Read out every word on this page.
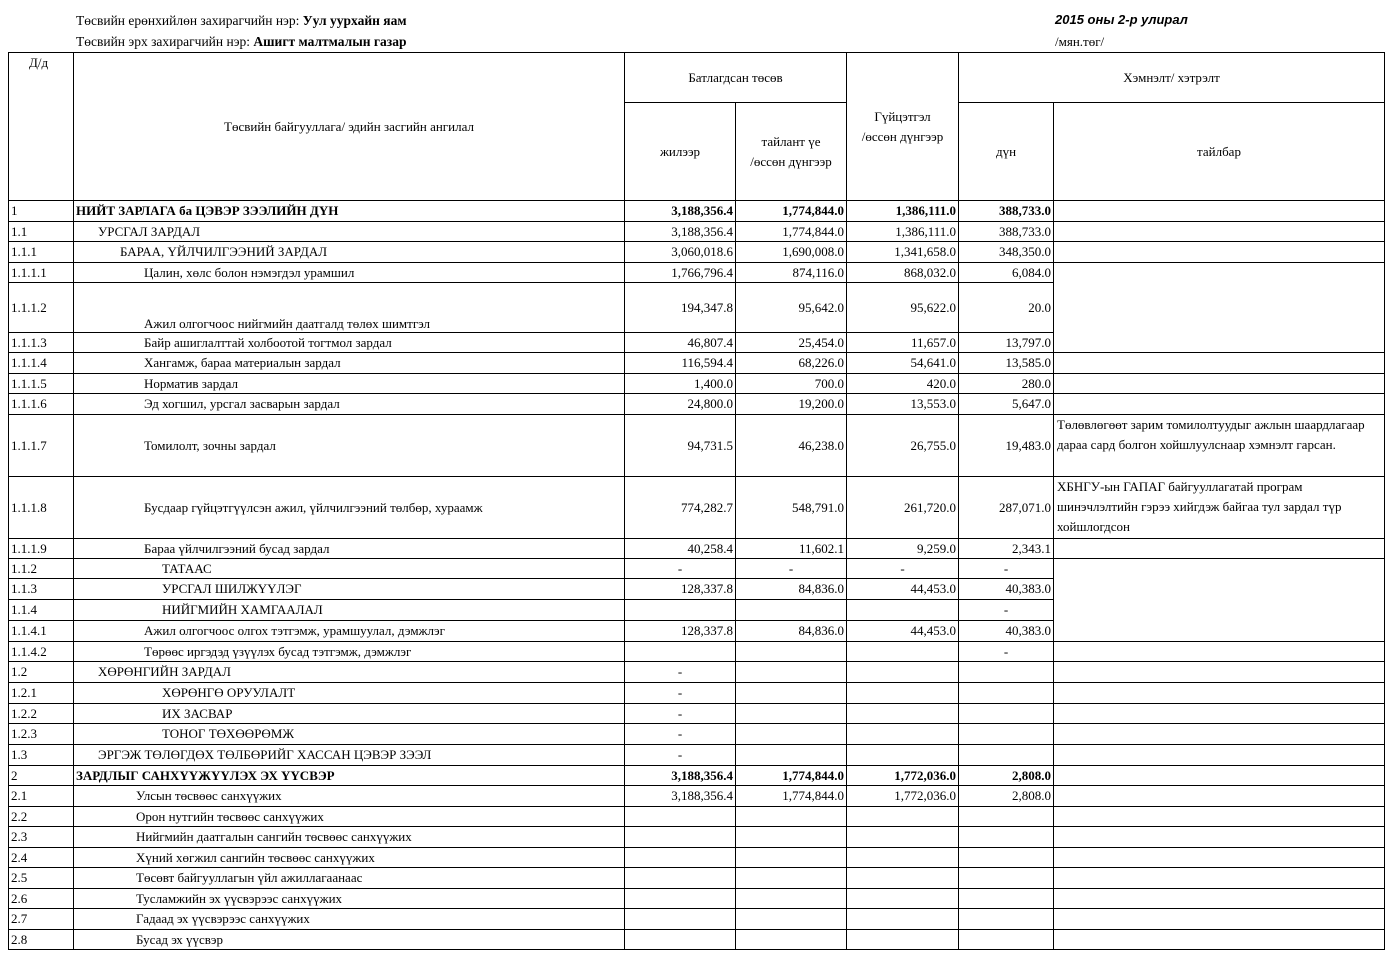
Төсвийн ерөнхийлөн захирагчийн нэр: Уул уурхайн яам
Төсвийн эрх захирагчийн нэр: Ашигт малтмалын газар
2015 оны 2-р улирал
/мян.төг/
Д/д	Төсвийн байгууллага/ эдийн засгийн ангилал	Батлагдсан төсөв		Гүйцэтгэл
/өссөн дүнгээр	Хэмнэлт/ хэтрэлт	
		жилээр	тайлант үе
/өссөн дүнгээр		дүн	тайлбар
1	НИЙТ ЗАРЛАГА ба ЦЭВЭР ЗЭЭЛИЙН ДҮН	3,188,356.4	1,774,844.0	1,386,111.0	388,733.0	
1.1	УРСГАЛ ЗАРДАЛ	3,188,356.4	1,774,844.0	1,386,111.0	388,733.0	
1.1.1	БАРАА, ҮЙЛЧИЛГЭЭНИЙ ЗАРДАЛ	3,060,018.6	1,690,008.0	1,341,658.0	348,350.0	
1.1.1.1	Цалин, хөлс болон нэмэгдэл урамшил	1,766,796.4	874,116.0	868,032.0	6,084.0	
1.1.1.2	Ажил олгогчоос нийгмийн даатгалд төлөх шимтгэл	194,347.8	95,642.0	95,622.0	20.0	
1.1.1.3	Байр ашиглалттай холбоотой тогтмол зардал	46,807.4	25,454.0	11,657.0	13,797.0	
1.1.1.4	Хангамж, бараа материалын зардал	116,594.4	68,226.0	54,641.0	13,585.0	
1.1.1.5	Норматив зардал	1,400.0	700.0	420.0	280.0	
1.1.1.6	Эд хогшил, урсгал засварын зардал	24,800.0	19,200.0	13,553.0	5,647.0	
1.1.1.7	Томилолт, зочны зардал	94,731.5	46,238.0	26,755.0	19,483.0	Төлөвлөгөөт зарим томилолтуудыг ажлын шаардлагаар дараа сард болгон хойшлуулснаар хэмнэлт гарсан.
1.1.1.8	Бусдаар гүйцэтгүүлсэн ажил, үйлчилгээний төлбөр, хураамж	774,282.7	548,791.0	261,720.0	287,071.0	ХБНГУ-ын ГАПАГ байгууллагатай програм шинэчлэлтийн гэрээ хийгдэж байгаа тул зардал түр хойшлогдсон
1.1.1.9	Бараа үйлчилгээний бусад зардал	40,258.4	11,602.1	9,259.0	2,343.1	
1.1.2	ТАТААС	-	-	-	-	
1.1.3	УРСГАЛ ШИЛЖҮҮЛЭГ	128,337.8	84,836.0	44,453.0	40,383.0	
1.1.4	НИЙГМИЙН ХАМГААЛАЛ				-	
1.1.4.1	Ажил олгогчоос олгох тэтгэмж, урамшуулал, дэмжлэг	128,337.8	84,836.0	44,453.0	40,383.0	
1.1.4.2	Төрөөс иргэдэд үзүүлэх бусад тэтгэмж, дэмжлэг				-	
1.2	ХӨРӨНГИЙН ЗАРДАЛ	-				
1.2.1	ХӨРӨНГӨ ОРУУЛАЛТ	-				
1.2.2	ИХ ЗАСВАР	-				
1.2.3	ТОНОГ ТӨХӨӨРӨМЖ	-				
1.3	ЭРГЭЖ ТӨЛӨГДӨХ ТӨЛБӨРИЙГ ХАССАН ЦЭВЭР ЗЭЭЛ	-				
2	ЗАРДЛЫГ САНХҮҮЖҮҮЛЭХ ЭХ ҮҮСВЭР	3,188,356.4	1,774,844.0	1,772,036.0	2,808.0	
2.1	Улсын төсвөөс санхүүжих	3,188,356.4	1,774,844.0	1,772,036.0	2,808.0	
2.2	Орон нутгийн төсвөөс санхүүжих					
2.3	Нийгмийн даатгалын сангийн төсвөөс санхүүжих					
2.4	Хүний хөгжил сангийн төсвөөс санхүүжих					
2.5	Төсөвт байгууллагын үйл ажиллагаанаас					
2.6	Тусламжийн эх үүсвэрээс санхүүжих					
2.7	Гадаад эх үүсвэрээс санхүүжих					
2.8	Бусад эх үүсвэр					
